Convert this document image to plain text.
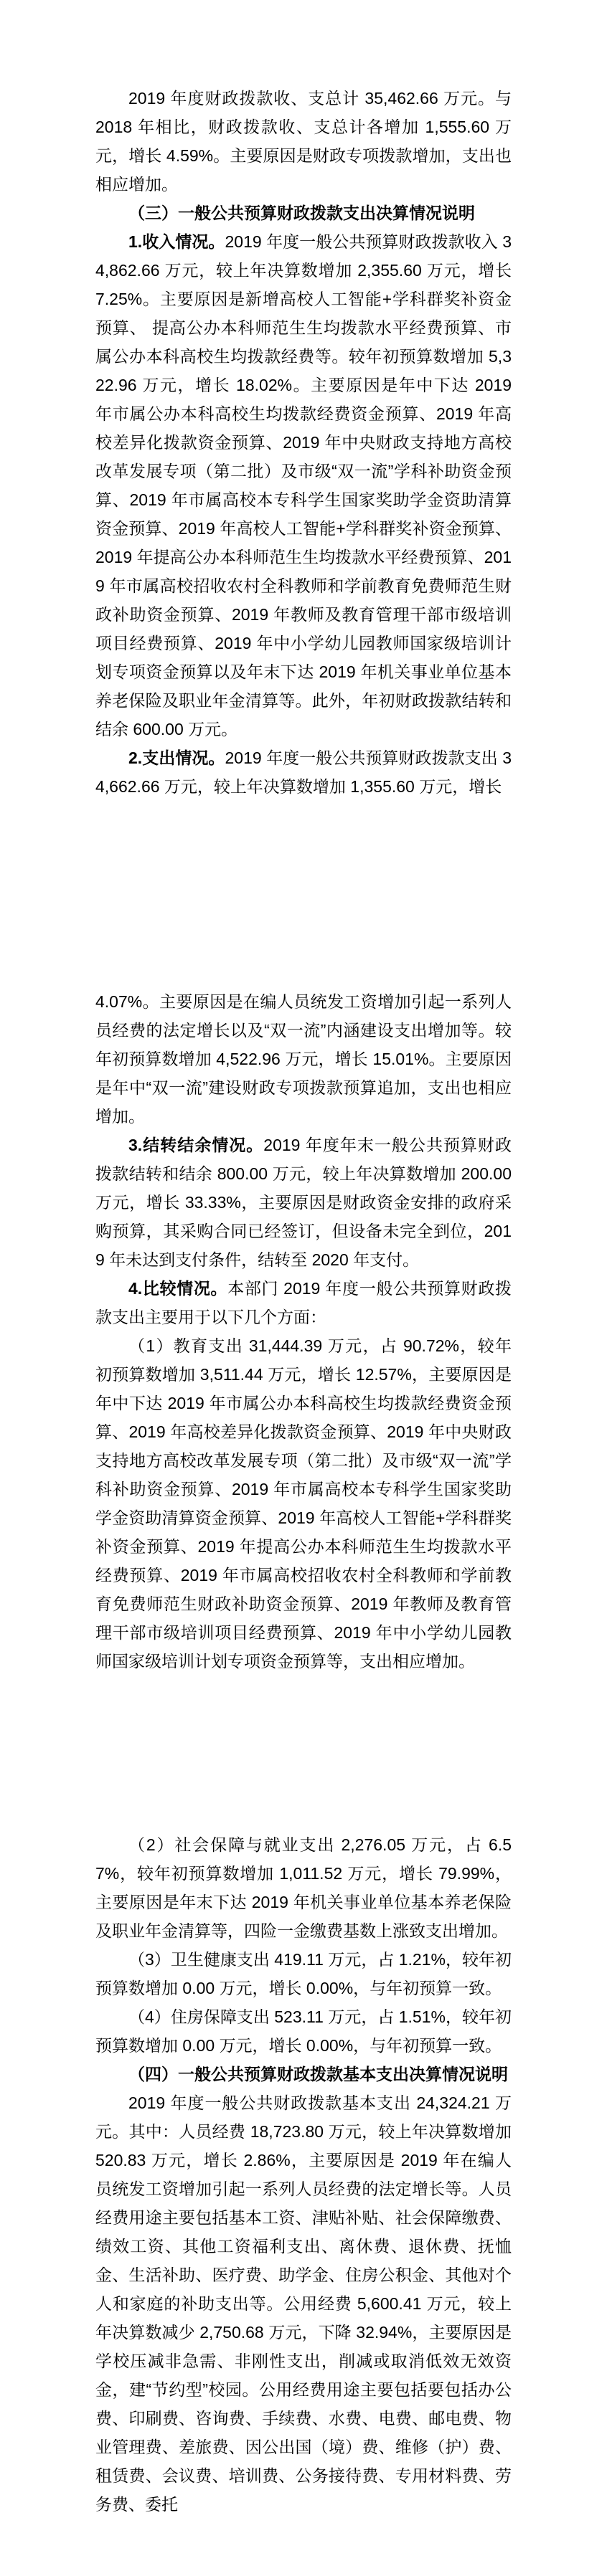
2019 年度财政拨款收、支总计 35,462.66 万元。与 2018 年相比，财政拨款收、支总计各增加 1,555.60 万元，增长 4.59%。主要原因是财政专项拨款增加，支出也相应增加。

（三）一般公共预算财政拨款支出决算情况说明

1.收入情况。2019 年度一般公共预算财政拨款收入 34,862.66 万元，较上年决算数增加 2,355.60 万元，增长 7.25%。主要原因是新增高校人工智能+学科群奖补资金预算、 提高公办本科师范生生均拨款水平经费预算、市属公办本科高校生均拨款经费等。较年初预算数增加 5,322.96 万元，增长 18.02%。主要原因是年中下达 2019 年市属公办本科高校生均拨款经费资金预算、2019 年高校差异化拨款资金预算、2019 年中央财政支持地方高校改革发展专项（第二批）及市级“双一流”学科补助资金预算、2019 年市属高校本专科学生国家奖助学金资助清算资金预算、2019 年高校人工智能+学科群奖补资金预算、2019 年提高公办本科师范生生均拨款水平经费预算、2019 年市属高校招收农村全科教师和学前教育免费师范生财政补助资金预算、2019 年教师及教育管理干部市级培训项目经费预算、2019 年中小学幼儿园教师国家级培训计划专项资金预算以及年末下达 2019 年机关事业单位基本养老保险及职业年金清算等。此外，年初财政拨款结转和结余 600.00 万元。

2.支出情况。2019 年度一般公共预算财政拨款支出 34,662.66 万元，较上年决算数增加 1,355.60 万元，增长

4.07%。主要原因是在编人员统发工资增加引起一系列人员经费的法定增长以及“双一流”内涵建设支出增加等。较年初预算数增加 4,522.96 万元，增长 15.01%。主要原因是年中“双一流”建设财政专项拨款预算追加，支出也相应增加。

3.结转结余情况。2019 年度年末一般公共预算财政拨款结转和结余 800.00 万元，较上年决算数增加 200.00 万元，增长 33.33%，主要原因是财政资金安排的政府采购预算，其采购合同已经签订，但设备未完全到位，2019 年未达到支付条件，结转至 2020 年支付。

4.比较情况。本部门 2019 年度一般公共预算财政拨款支出主要用于以下几个方面：

（1）教育支出 31,444.39 万元，占 90.72%，较年初预算数增加 3,511.44 万元，增长 12.57%，主要原因是年中下达 2019 年市属公办本科高校生均拨款经费资金预算、2019 年高校差异化拨款资金预算、2019 年中央财政支持地方高校改革发展专项（第二批）及市级“双一流”学科补助资金预算、2019 年市属高校本专科学生国家奖助学金资助清算资金预算、2019 年高校人工智能+学科群奖补资金预算、2019 年提高公办本科师范生生均拨款水平经费预算、2019 年市属高校招收农村全科教师和学前教育免费师范生财政补助资金预算、2019 年教师及教育管理干部市级培训项目经费预算、2019 年中小学幼儿园教师国家级培训计划专项资金预算等，支出相应增加。

（2）社会保障与就业支出 2,276.05 万元，占 6.57%，较年初预算数增加 1,011.52 万元，增长 79.99%，主要原因是年末下达 2019 年机关事业单位基本养老保险及职业年金清算等，四险一金缴费基数上涨致支出增加。

（3）卫生健康支出 419.11 万元，占 1.21%，较年初预算数增加 0.00 万元，增长 0.00%，与年初预算一致。

（4）住房保障支出 523.11 万元，占 1.51%，较年初预算数增加 0.00 万元，增长 0.00%，与年初预算一致。

（四）一般公共预算财政拨款基本支出决算情况说明

2019 年度一般公共财政拨款基本支出 24,324.21 万元。其中：人员经费 18,723.80 万元，较上年决算数增加 520.83 万元，增长 2.86%，主要原因是 2019 年在编人员统发工资增加引起一系列人员经费的法定增长等。人员经费用途主要包括基本工资、津贴补贴、社会保障缴费、绩效工资、其他工资福利支出、离休费、退休费、抚恤金、生活补助、医疗费、助学金、住房公积金、其他对个人和家庭的补助支出等。公用经费 5,600.41 万元，较上年决算数减少 2,750.68 万元，下降 32.94%，主要原因是学校压减非急需、非刚性支出，削减或取消低效无效资金，建“节约型”校园。公用经费用途主要包括要包括办公费、印刷费、咨询费、手续费、水费、电费、邮电费、物业管理费、差旅费、因公出国（境）费、维修（护）费、租赁费、会议费、培训费、公务接待费、专用材料费、劳务费、委托
